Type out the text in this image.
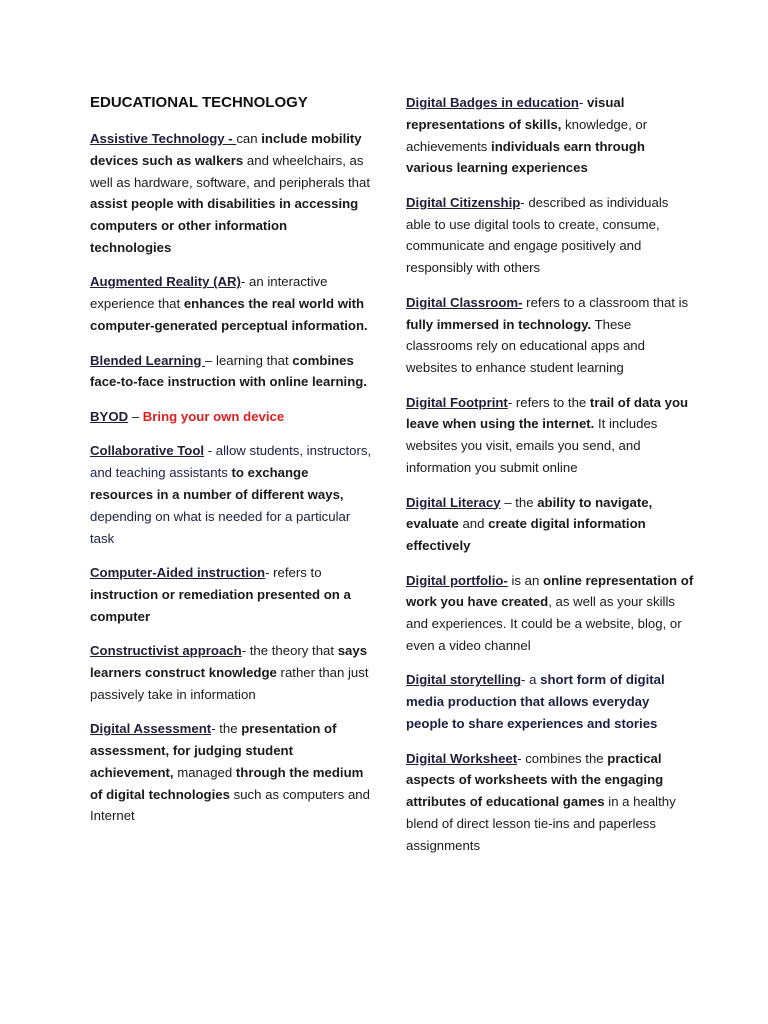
EDUCATIONAL TECHNOLOGY
Assistive Technology - can include mobility devices such as walkers and wheelchairs, as well as hardware, software, and peripherals that assist people with disabilities in accessing computers or other information technologies
Augmented Reality (AR)- an interactive experience that enhances the real world with computer-generated perceptual information.
Blended Learning – learning that combines face-to-face instruction with online learning.
BYOD – Bring your own device
Collaborative Tool - allow students, instructors, and teaching assistants to exchange resources in a number of different ways, depending on what is needed for a particular task
Computer-Aided instruction- refers to instruction or remediation presented on a computer
Constructivist approach- the theory that says learners construct knowledge rather than just passively take in information
Digital Assessment- the presentation of assessment, for judging student achievement, managed through the medium of digital technologies such as computers and Internet
Digital Badges in education- visual representations of skills, knowledge, or achievements individuals earn through various learning experiences
Digital Citizenship- described as individuals able to use digital tools to create, consume, communicate and engage positively and responsibly with others
Digital Classroom- refers to a classroom that is fully immersed in technology. These classrooms rely on educational apps and websites to enhance student learning
Digital Footprint- refers to the trail of data you leave when using the internet. It includes websites you visit, emails you send, and information you submit online
Digital Literacy – the ability to navigate, evaluate and create digital information effectively
Digital portfolio- is an online representation of work you have created, as well as your skills and experiences. It could be a website, blog, or even a video channel
Digital storytelling- a short form of digital media production that allows everyday people to share experiences and stories
Digital Worksheet- combines the practical aspects of worksheets with the engaging attributes of educational games in a healthy blend of direct lesson tie-ins and paperless assignments
